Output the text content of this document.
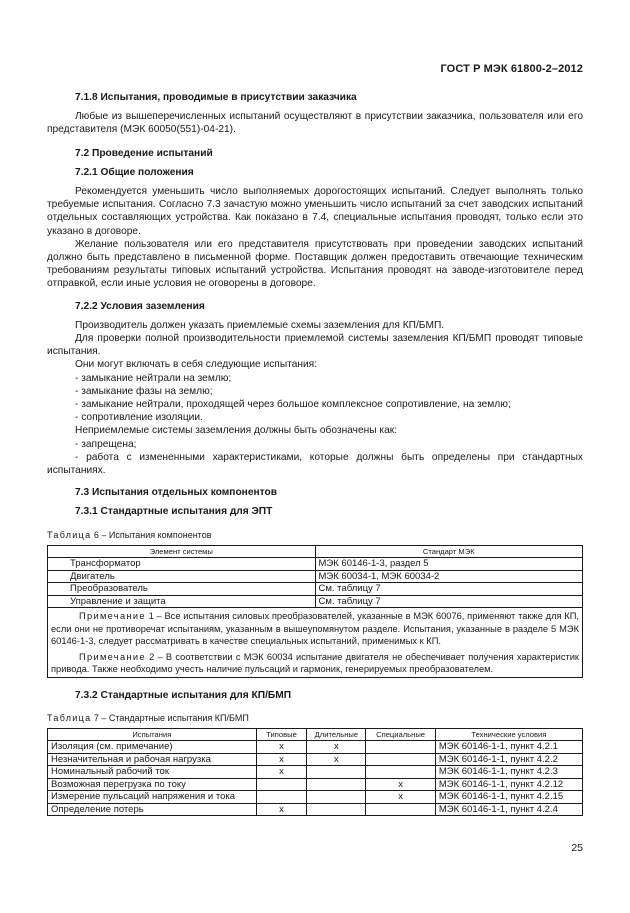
ГОСТ Р МЭК 61800-2–2012
7.1.8 Испытания, проводимые в присутствии заказчика

Любые из вышеперечисленных испытаний осуществляют в присутствии заказчика, пользователя или его представителя (МЭК 60050(551)-04-21).

7.2 Проведение испытаний
7.2.1 Общие положения

Рекомендуется уменьшить число выполняемых дорогостоящих испытаний. Следует выполнять только требуемые испытания. Согласно 7.3 зачастую можно уменьшить число испытаний за счет заводских испытаний отдельных составляющих устройства. Как показано в 7.4, специальные испытания проводят, только если это указано в договоре.

Желание пользователя или его представителя присутствовать при проведении заводских испытаний должно быть представлено в письменной форме. Поставщик должен предоставить отвечающие техническим требованиям результаты типовых испытаний устройства. Испытания проводят на заводе-изготовителе перед отправкой, если иные условия не оговорены в договоре.

7.2.2 Условия заземления

Производитель должен указать приемлемые схемы заземления для КП/БМП.

Для проверки полной производительности приемлемой системы заземления КП/БМП проводят типовые испытания.

Они могут включать в себя следующие испытания:

- замыкание нейтрали на землю;

- замыкание фазы на землю;

- замыкание нейтрали, проходящей через большое комплексное сопротивление, на землю;

- сопротивление изоляции.

Неприемлемые системы заземления должны быть обозначены как:

- запрещена;

- работа с измененными характеристиками, которые должны быть определены при стандартных испытаниях.

7.3 Испытания отдельных компонентов
7.3.1 Стандартные испытания для ЭПТ
Таблица 6 – Испытания компонентов
Элемент системы	Стандарт МЭК
Трансформатор	МЭК 60146-1-3, раздел 5
Двигатель	МЭК 60034-1, МЭК 60034-2
Преобразователь	См. таблицу 7
Управление и защита	См. таблицу 7

Примечание 1 – Все испытания силовых преобразователей, указанные в МЭК 60076, применяют также для КП, если они не противоречат испытаниям, указанным в вышеупомянутом разделе. Испытания, указанные в разделе 5 МЭК 60146-1-3, следует рассматривать в качестве специальных испытаний, применимых к КП.
Примечание 2 – В соответствии с МЭК 60034 испытание двигателя не обеспечивает получения характеристик привода. Также необходимо учесть наличие пульсаций и гармоник, генерируемых преобразователем.	
7.3.2 Стандартные испытания для КП/БМП
Таблица 7 – Стандартные испытания КП/БМП
Испытания	Типовые	Длительные	Специальные	Технические условия
Изоляция (см. примечание)	x	x		МЭК 60146-1-1, пункт 4.2.1
Незначительная и рабочая нагрузка	x	x		МЭК 60146-1-1, пункт 4.2.2
Номинальный рабочий ток	x			МЭК 60146-1-1, пункт 4.2.3
Возможная перегрузка по току			x	МЭК 60146-1-1, пункт 4.2.12
Измерение пульсаций напряжения и тока			x	МЭК 60146-1-1, пункт 4.2.15
Определение потерь	x			МЭК 60146-1-1, пункт 4.2.4
25
